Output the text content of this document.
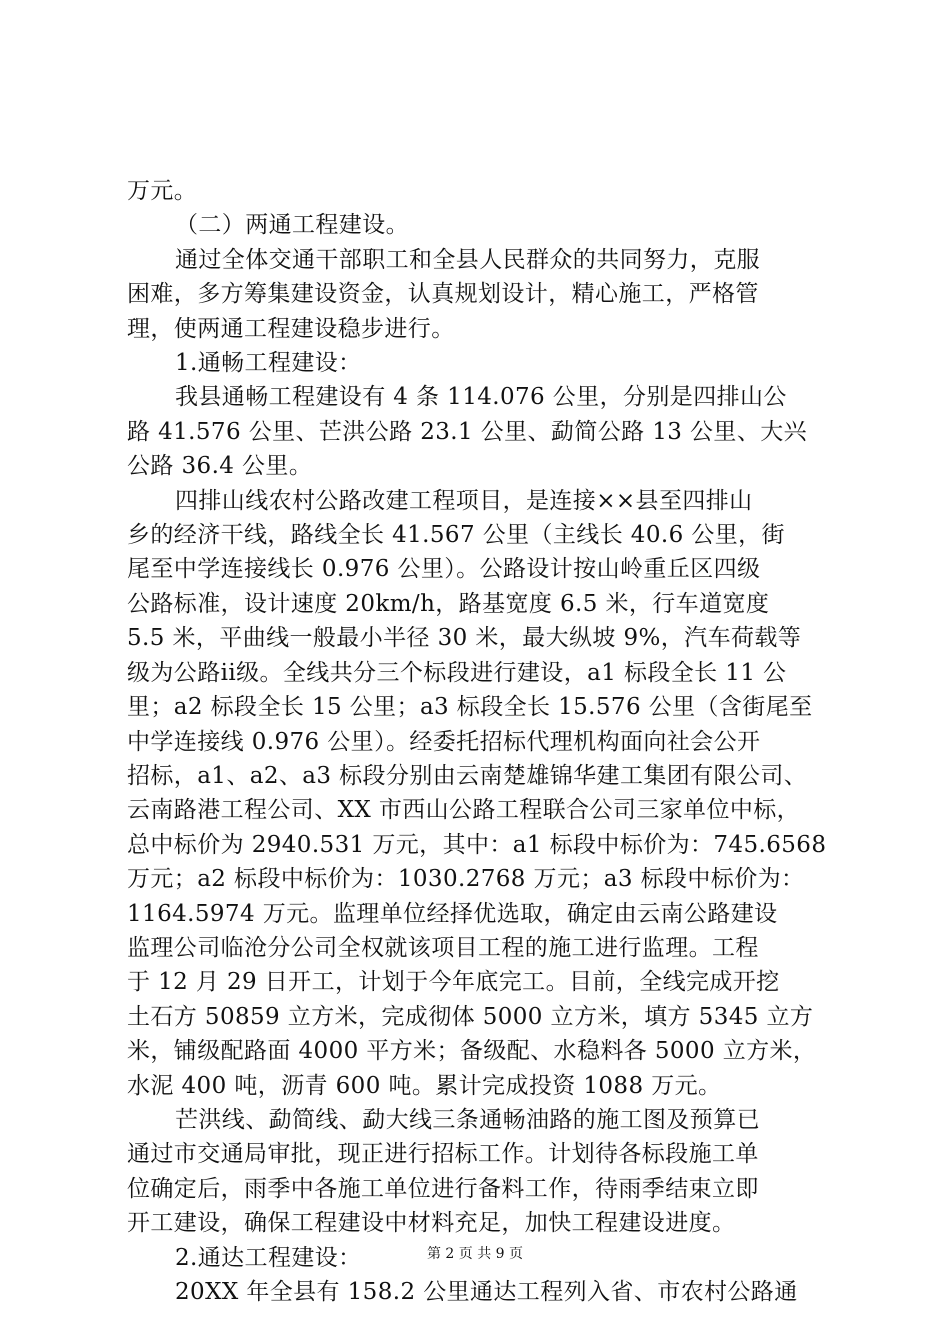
万元。
（二）两通工程建设。
通过全体交通干部职工和全县人民群众的共同努力，克服
困难，多方筹集建设资金，认真规划设计，精心施工，严格管
理，使两通工程建设稳步进行。
1.通畅工程建设：
我县通畅工程建设有 4 条 114.076 公里，分别是四排山公
路 41.576 公里、芒洪公路 23.1 公里、勐简公路 13 公里、大兴
公路 36.4 公里。
四排山线农村公路改建工程项目，是连接××县至四排山
乡的经济干线，路线全长 41.567 公里（主线长 40.6 公里，街
尾至中学连接线长 0.976 公里）。公路设计按山岭重丘区四级
公路标准，设计速度 20km/h，路基宽度 6.5 米，行车道宽度
5.5 米，平曲线一般最小半径 30 米，最大纵坡 9%，汽车荷载等
级为公路ii级。全线共分三个标段进行建设，a1 标段全长 11 公
里；a2 标段全长 15 公里；a3 标段全长 15.576 公里（含街尾至
中学连接线 0.976 公里）。经委托招标代理机构面向社会公开
招标，a1、a2、a3 标段分别由云南楚雄锦华建工集团有限公司、
云南路港工程公司、XX 市西山公路工程联合公司三家单位中标，
总中标价为 2940.531 万元，其中：a1 标段中标价为：745.6568
万元；a2 标段中标价为：1030.2768 万元；a3 标段中标价为：
1164.5974 万元。监理单位经择优选取，确定由云南公路建设
监理公司临沧分公司全权就该项目工程的施工进行监理。工程
于 12 月 29 日开工，计划于今年底完工。目前，全线完成开挖
土石方 50859 立方米，完成彻体 5000 立方米，填方 5345 立方
米，铺级配路面 4000 平方米；备级配、水稳料各 5000 立方米，
水泥 400 吨，沥青 600 吨。累计完成投资 1088 万元。
芒洪线、勐简线、勐大线三条通畅油路的施工图及预算已
通过市交通局审批，现正进行招标工作。计划待各标段施工单
位确定后，雨季中各施工单位进行备料工作，待雨季结束立即
开工建设，确保工程建设中材料充足，加快工程建设进度。
2.通达工程建设：
20XX 年全县有 158.2 公里通达工程列入省、市农村公路通
第 2 页 共 9 页
